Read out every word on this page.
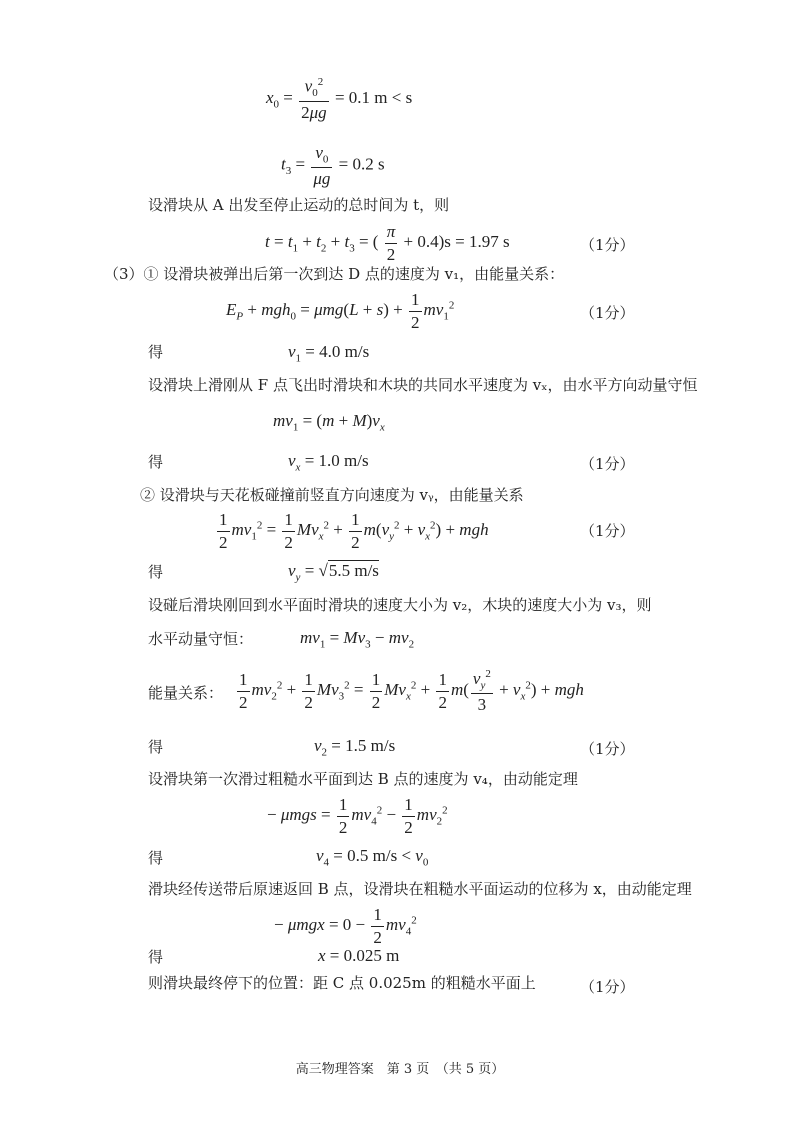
$x_0 = \frac{v_0^2}{2\mu g} = 0.1$ m < s
$t_3 = \frac{v_0}{\mu g} = 0.2$ s
设滑块从 A 出发至停止运动的总时间为 t，则
$t = t_1 + t_2 + t_3$ = ( $\frac{\pi}{2} + 0.4)s = 1.97$ s	（1分）
（3）① 设滑块被弹出后第一次到达 D 点的速度为 v₁，由能量关系：
$E_P + mgh_0 = \mu mg(L + s) + \frac{1}{2} mv_1^2$	（1分）
得	$v_1 = 4.0$ m/s
设滑块上滑刚从 F 点飞出时滑块和木块的共同水平速度为 vₓ，由水平方向动量守恒
$mv_1 = (m + M)v_x$
得	$v_x = 1.0$ m/s	（1分）
② 设滑块与天花板碰撞前竖直方向速度为 vᵧ，由能量关系
$\frac{1}{2} mv_1^2 = \frac{1}{2} Mv_x^2 + \frac{1}{2} m(v_y^2 + v_x^2)$ + mgh	（1分）
得	$v_y = √5.5$ m/s
设碰后滑块刚回到水平面时滑块的速度大小为 v₂，木块的速度大小为 v₃，则
水平动量守恒：	$mv_1 = Mv_3 - mv_2$
能量关系： $\frac{1}{2} mv_2^2 + \frac{1}{2} Mv_3^2 = \frac{1}{2} Mv_x^2 + \frac{1}{2} m( \frac{v_y^2}{3} + v_x^2)$ + mgh
得	$v_2 = 1.5$ m/s	（1分）
设滑块第一次滑过粗糙水平面到达 B 点的速度为 v₄，由动能定理
− $\mu mgs = \frac{1}{2} mv_4^2 - \frac{1}{2} mv_2^2$
得	$v_4 = 0.5$ $m/s < v_0$
滑块经传送带后原速返回 B 点，设滑块在粗糙水平面运动的位移为 x，由动能定理
− $\mu mgx = 0 - \frac{1}{2} mv_4^2$
得	x = 0.025 m
则滑块最终停下的位置：距 C 点 0.025m 的粗糙水平面上	（1分）
高三物理答案　第 3 页　（共 5 页）
